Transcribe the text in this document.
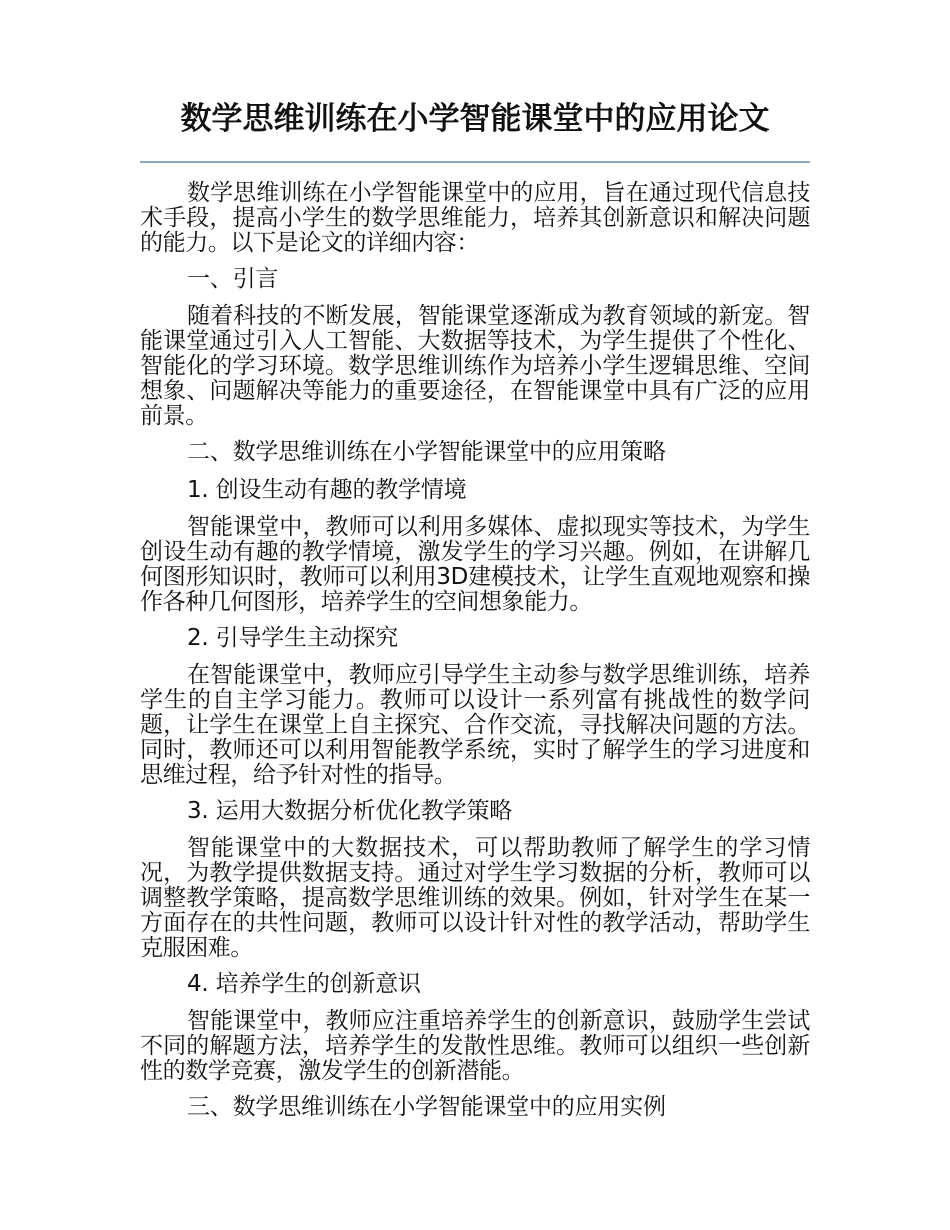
数学思维训练在小学智能课堂中的应用论文

数学思维训练在小学智能课堂中的应用，旨在通过现代信息技术手段，提高小学生的数学思维能力，培养其创新意识和解决问题的能力。以下是论文的详细内容：

一、引言

随着科技的不断发展，智能课堂逐渐成为教育领域的新宠。智能课堂通过引入人工智能、大数据等技术，为学生提供了个性化、智能化的学习环境。数学思维训练作为培养小学生逻辑思维、空间想象、问题解决等能力的重要途径，在智能课堂中具有广泛的应用前景。

二、数学思维训练在小学智能课堂中的应用策略

1. 创设生动有趣的教学情境

智能课堂中，教师可以利用多媒体、虚拟现实等技术，为学生创设生动有趣的教学情境，激发学生的学习兴趣。例如，在讲解几何图形知识时，教师可以利用3D建模技术，让学生直观地观察和操作各种几何图形，培养学生的空间想象能力。

2. 引导学生主动探究

在智能课堂中，教师应引导学生主动参与数学思维训练，培养学生的自主学习能力。教师可以设计一系列富有挑战性的数学问题，让学生在课堂上自主探究、合作交流，寻找解决问题的方法。同时，教师还可以利用智能教学系统，实时了解学生的学习进度和思维过程，给予针对性的指导。

3. 运用大数据分析优化教学策略

智能课堂中的大数据技术，可以帮助教师了解学生的学习情况，为教学提供数据支持。通过对学生学习数据的分析，教师可以调整教学策略，提高数学思维训练的效果。例如，针对学生在某一方面存在的共性问题，教师可以设计针对性的教学活动，帮助学生克服困难。

4. 培养学生的创新意识

智能课堂中，教师应注重培养学生的创新意识，鼓励学生尝试不同的解题方法，培养学生的发散性思维。教师可以组织一些创新性的数学竞赛，激发学生的创新潜能。

三、数学思维训练在小学智能课堂中的应用实例
